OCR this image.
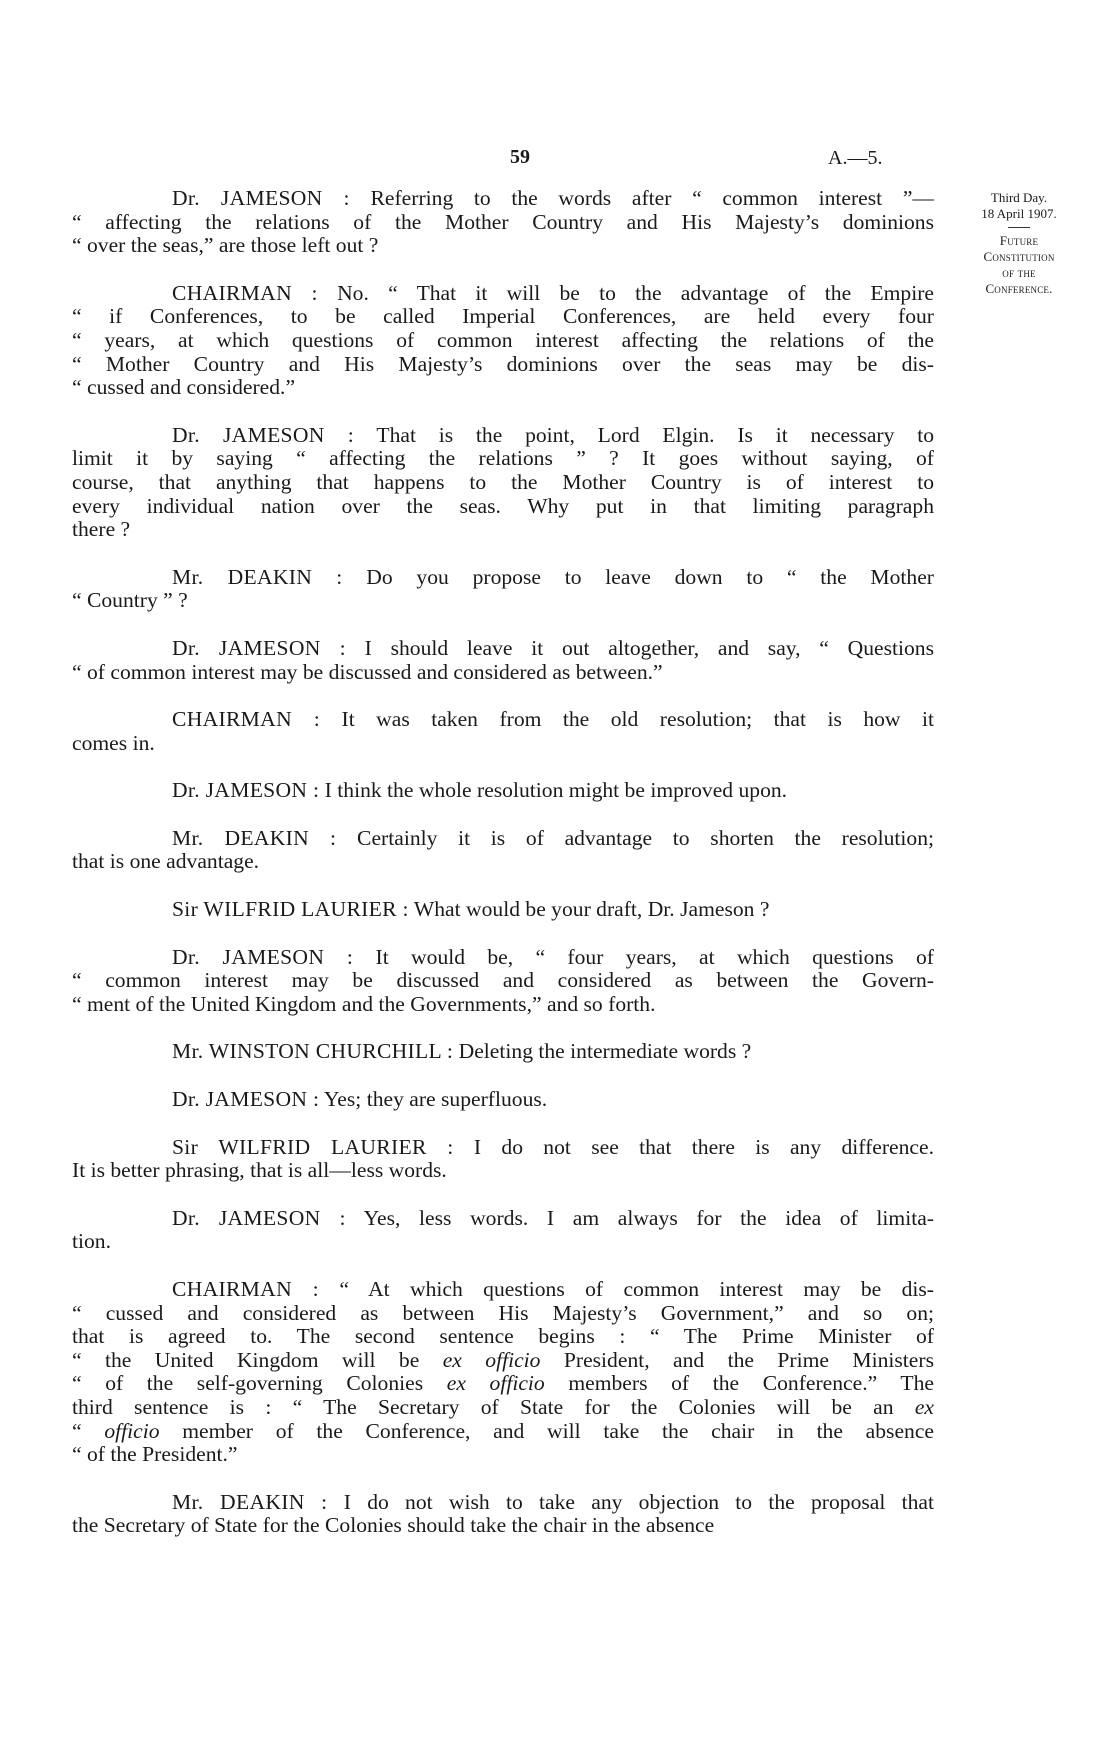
59	A.—5.
Third Day.
18 April 1907.
Future
Constitution
of the
Conference.
Dr. JAMESON : Referring to the words after “ common interest ”—
“ affecting the relations of the Mother Country and His Majesty’s dominions
“ over the seas,” are those left out ?
CHAIRMAN : No. “ That it will be to the advantage of the Empire
“ if Conferences, to be called Imperial Conferences, are held every four
“ years, at which questions of common interest affecting the relations of the
“ Mother Country and His Majesty’s dominions over the seas may be dis-
“ cussed and considered.”
Dr. JAMESON : That is the point, Lord Elgin. Is it necessary to
limit it by saying “ affecting the relations ” ? It goes without saying, of
course, that anything that happens to the Mother Country is of interest to
every individual nation over the seas. Why put in that limiting paragraph
there ?
Mr. DEAKIN : Do you propose to leave down to “ the Mother
“ Country ” ?
Dr. JAMESON : I should leave it out altogether, and say, “ Questions
“ of common interest may be discussed and considered as between.”
CHAIRMAN : It was taken from the old resolution; that is how it
comes in.
Dr. JAMESON : I think the whole resolution might be improved upon.
Mr. DEAKIN : Certainly it is of advantage to shorten the resolution;
that is one advantage.
Sir WILFRID LAURIER : What would be your draft, Dr. Jameson ?
Dr. JAMESON : It would be, “ four years, at which questions of
“ common interest may be discussed and considered as between the Govern-
“ ment of the United Kingdom and the Governments,” and so forth.
Mr. WINSTON CHURCHILL : Deleting the intermediate words ?
Dr. JAMESON : Yes; they are superfluous.
Sir WILFRID LAURIER : I do not see that there is any difference.
It is better phrasing, that is all—less words.
Dr. JAMESON : Yes, less words. I am always for the idea of limita-
tion.
CHAIRMAN : “ At which questions of common interest may be dis-
“ cussed and considered as between His Majesty’s Government,” and so on;
that is agreed to. The second sentence begins : “ The Prime Minister of
“ the United Kingdom will be ex officio President, and the Prime Ministers
“ of the self-governing Colonies ex officio members of the Conference.” The
third sentence is : “ The Secretary of State for the Colonies will be an ex
“ officio member of the Conference, and will take the chair in the absence
“ of the President.”
Mr. DEAKIN : I do not wish to take any objection to the proposal that
the Secretary of State for the Colonies should take the chair in the absence
